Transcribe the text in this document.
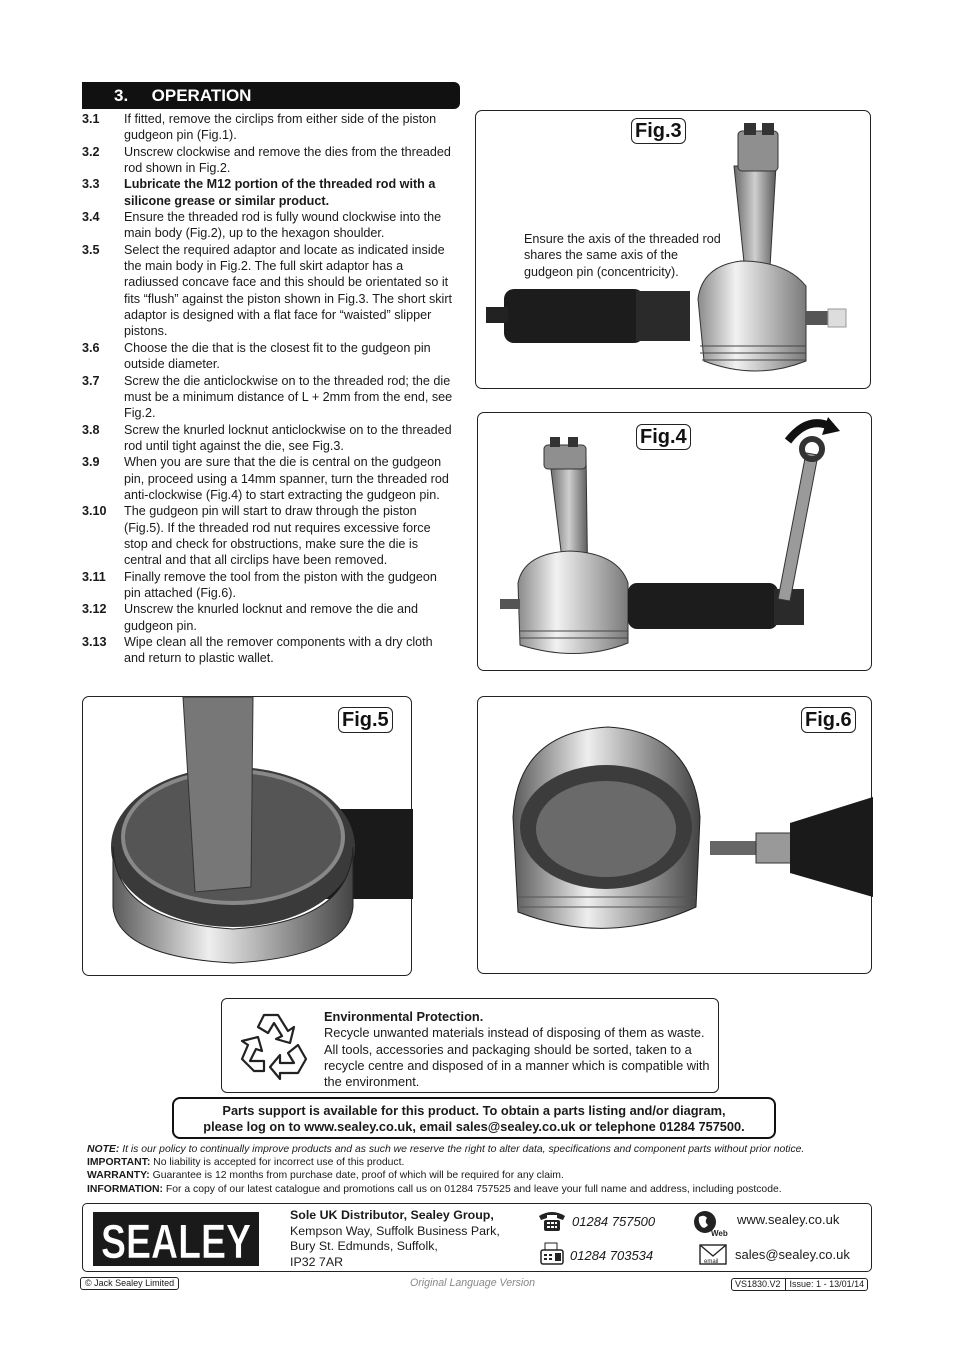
3. OPERATION
3.1	If fitted, remove the circlips from either side of the piston gudgeon pin (Fig.1).
3.2	Unscrew clockwise and remove the dies from the threaded rod shown in Fig.2.
3.3	Lubricate the M12 portion of the threaded rod with a silicone grease or similar product.
3.4	Ensure the threaded rod is fully wound clockwise into the main body (Fig.2), up to the hexagon shoulder.
3.5	Select the required adaptor and locate as indicated inside the main body in Fig.2. The full skirt adaptor has a radiussed concave face and this should be orientated so it fits “flush” against the piston shown in Fig.3. The short skirt adaptor is designed with a flat face for “waisted” slipper pistons.
3.6	Choose the die that is the closest fit to the gudgeon pin outside diameter.
3.7	Screw the die anticlockwise on to the threaded rod; the die must be a minimum distance of L + 2mm from the end, see Fig.2.
3.8	Screw the knurled locknut anticlockwise on to the threaded rod until tight against the die, see Fig.3.
3.9	When you are sure that the die is central on the gudgeon pin, proceed using a 14mm spanner, turn the threaded rod anti-clockwise (Fig.4) to start extracting the gudgeon pin.
3.10	The gudgeon pin will start to draw through the piston (Fig.5). If the threaded rod nut requires excessive force stop and check for obstructions, make sure the die is central and that all circlips have been removed.
3.11	Finally remove the tool from the piston with the gudgeon pin attached (Fig.6).
3.12	Unscrew the knurled locknut and remove the die and gudgeon pin.
3.13	Wipe clean all the remover components with a dry cloth and return to plastic wallet.
Fig.3
Ensure the axis of the threaded rod shares the same axis of the gudgeon pin (concentricity).
Fig.4
Fig.5	Fig.6
Environmental Protection.
Recycle unwanted materials instead of disposing of them as waste. All tools, accessories and packaging should be sorted, taken to a recycle centre and disposed of in a manner which is compatible with the environment.
Parts support is available for this product. To obtain a parts listing and/or diagram,
please log on to www.sealey.co.uk, email sales@sealey.co.uk or telephone 01284 757500.
NOTE: It is our policy to continually improve products and as such we reserve the right to alter data, specifications and component parts without prior notice.
IMPORTANT: No liability is accepted for incorrect use of this product.
WARRANTY: Guarantee is 12 months from purchase date, proof of which will be required for any claim.
INFORMATION: For a copy of our latest catalogue and promotions call us on 01284 757525 and leave your full name and address, including postcode.
SEALEY
Sole UK Distributor, Sealey Group,
Kempson Way, Suffolk Business Park,
Bury St. Edmunds, Suffolk,
IP32 7AR
01284 757500
01284 703534
Web
www.sealey.co.uk
email sales@sealey.co.uk
© Jack Sealey Limited	Original Language Version	VS1830.V2 Issue: 1 - 13/01/14
